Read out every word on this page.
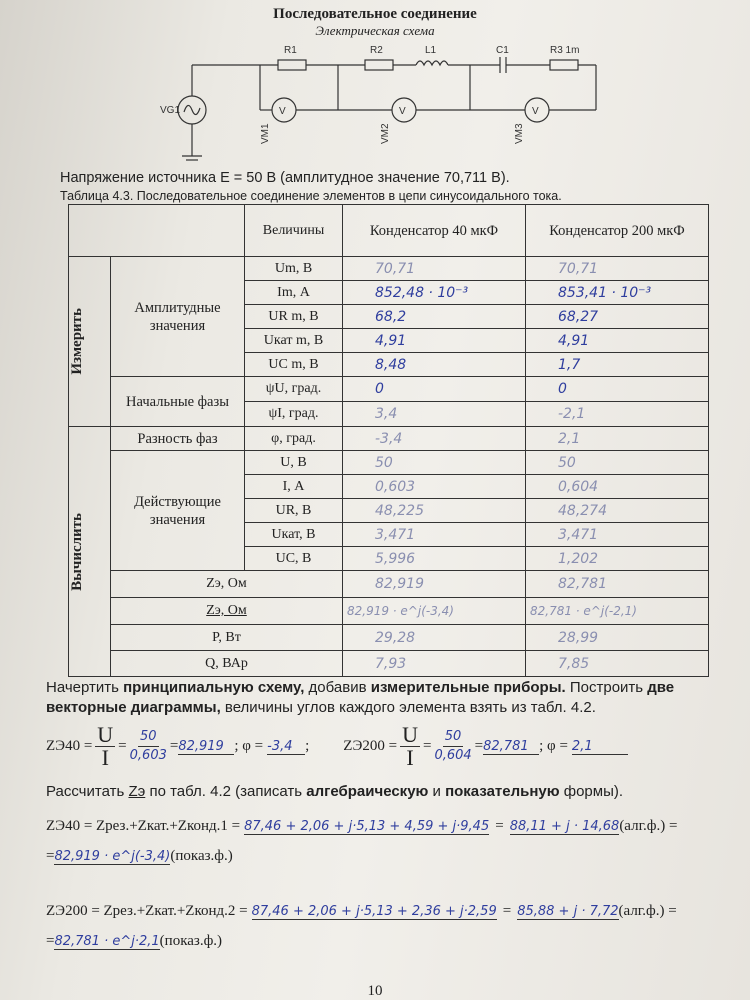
Последовательное соединение
Электрическая схема
R1	R2	L1	C1	R3 1m
VG1	V	V	V
VM1	VM2	VM3
Напряжение источника E = 50 В (амплитудное значение 70,711 В).
Таблица 4.3. Последовательное соединение элементов в цепи синусоидального тока.
		Величины	Конденсатор 40 мкФ	Конденсатор 200 мкФ

Измерить	Амплитудные значения	Um, В	70,71	70,71
		Im, А	852,48 · 10⁻³	853,41 · 10⁻³
		UR m, В	68,2	68,27
		Uкат m, В	4,91	4,91
		UC m, В	8,48	1,7
	Начальные фазы	ψU, град.	0	0
		ψI, град.	3,4	-2,1

Вычислить	Разность фаз	φ, град.	-3,4	2,1
	Действующие значения	U, В	50	50
		I, А	0,603	0,604
		UR, В	48,225	48,274
		Uкат, В	3,471	3,471
		UC, В	5,996	1,202
	Zэ, Ом		82,919	82,781
	Zэ, Ом		82,919 · e^j(-3,4)	82,781 · e^j(-2,1)
	P, Вт		29,28	28,99
	Q, ВАр		7,93	7,85
Начертить принципиальную схему, добавив измерительные приборы. Построить две векторные диаграммы, величины углов каждого элемента взять из табл. 4.2.
$ZЭ40 = \frac{U}{I} = \frac{50}{0,603} = 82,919$ ; φ = -3,4 ; $ZЭ200 = \frac{U}{I} = \frac{50}{0,604} = 82,781$ ; φ = 2,1
Рассчитать Zэ по табл. 4.2 (записать алгебраическую и показательную формы).
ZЭ40 = Zрез.+Zкат.+Zконд.1 = 87,46 + 2,06 + j·5,13 + 4,59 + j·9,45 = 88,11 + j · 14,68 (алг.ф.) =
= 82,919 · e^j(-3,4) (показ.ф.)
ZЭ200 = Zрез.+Zкат.+Zконд.2 = 87,46 + 2,06 + j·5,13 + 2,36 + j·2,59 = 85,88 + j · 7,72 (алг.ф.) =
= 82,781 · e^j·2,1 (показ.ф.)
10
